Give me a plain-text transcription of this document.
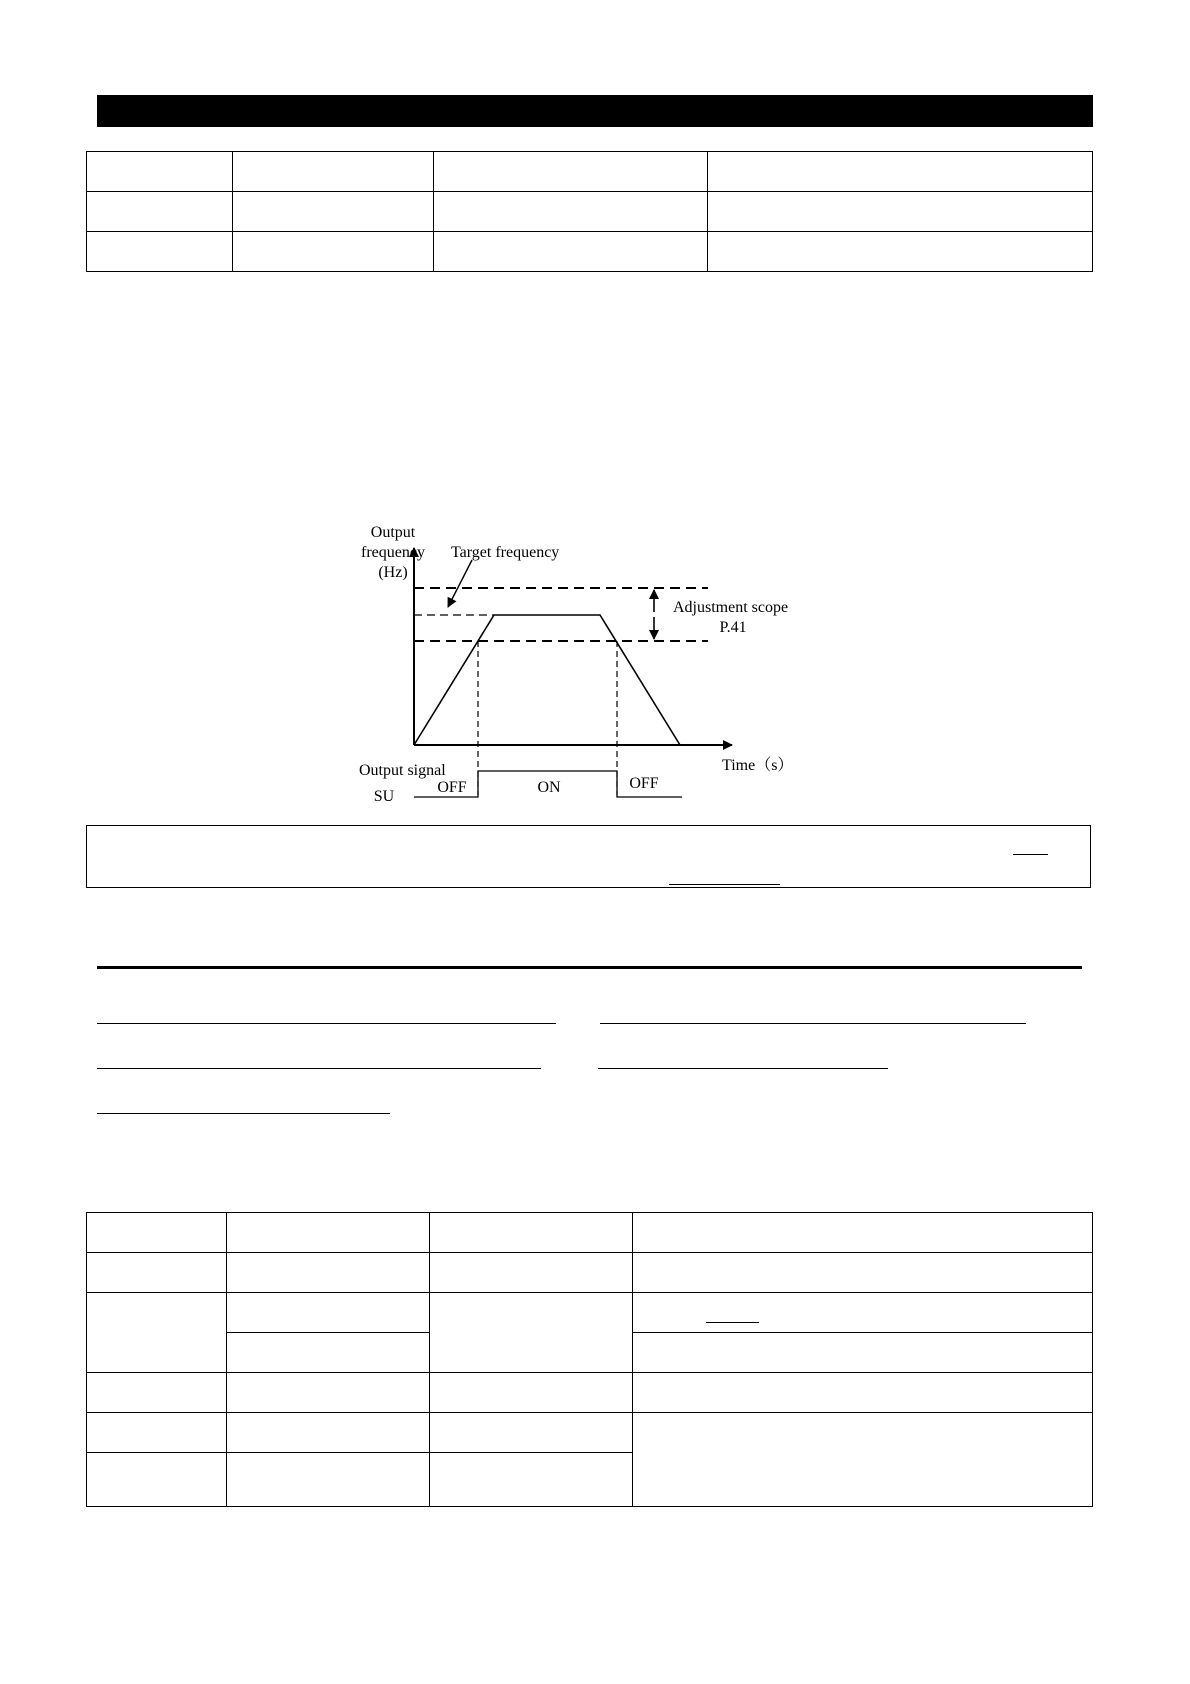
Output
frequency
(Hz)
Target frequency
Adjustment scope
P.41
Time（s）
Output signal
SU
OFF	ON	OFF
